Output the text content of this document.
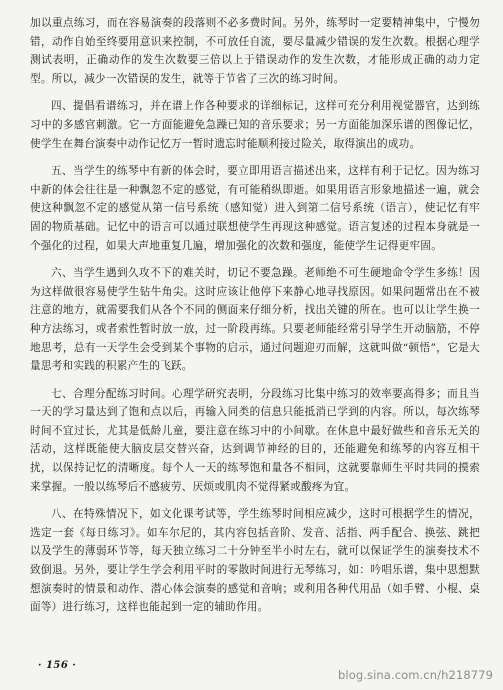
加以重点练习，而在容易演奏的段落则不必多费时间。另外，练琴时一定要精神集中，宁慢勿错，动作自始至终要用意识来控制，不可放任自流，要尽量减少错误的发生次数。根据心理学测试表明，正确动作的发生次数要三倍以上于错误动作的发生次数，才能形成正确的动力定型。所以，减少一次错误的发生，就等于节省了三次的练习时间。

四、提倡看谱练习，并在谱上作各种要求的详细标记，这样可充分利用视觉器官，达到练习中的多感官刺激。它一方面能避免急躁已知的音乐要求；另一方面能加深乐谱的图像记忆，使学生在舞台演奏中动作记忆万一暂时遗忘时能顺利接过险关，取得演出的成功。

五、当学生的练琴中有新的体会时，要立即用语言描述出来，这样有利于记忆。因为练习中新的体会往往是一种飘忽不定的感觉，有可能稍纵即逝。如果用语言形象地描述一遍，就会使这种飘忽不定的感觉从第一信号系统（感知觉）进入到第二信号系统（语言），使记忆有牢固的物质基础。记忆中的语言可以通过联想使学生再现这种感觉。语言复述的过程本身就是一个强化的过程，如果大声地重复几遍，增加强化的次数和强度，能使学生记得更牢固。

六、当学生遇到久攻不下的难关时，切记不要急躁。老师绝不可生硬地命令学生多练！因为这样做很容易使学生钻牛角尖。这时应该让他停下来静心地寻找原因。如果问题常出在不被注意的地方，就需要我们从各个不同的侧面来仔细分析，找出关键的所在。也可以让学生换一种方法练习，或者索性暂时放一放，过一阶段再练。只要老师能经常引导学生开动脑筋，不停地思考，总有一天学生会受到某个事物的启示，通过问题迎刃而解，这就叫做“顿悟”，它是大量思考和实践的积累产生的飞跃。

七、合理分配练习时间。心理学研究表明，分段练习比集中练习的效率要高得多；而且当一天的学习量达到了饱和点以后，再输入同类的信息只能抵消已学到的内容。所以，每次练琴时间不宜过长，尤其是低龄儿童，要注意在练习中的小间歇。在休息中最好做些和音乐无关的活动，这样既能使大脑皮层交替兴奋，达到调节神经的目的，还能避免和练琴的内容互相干扰，以保持记忆的清晰度。每个人一天的练琴饱和量各不相同，这就要靠师生平时共同的摸索来掌握。一般以练琴后不感疲劳、厌烦或肌肉不觉得紧或酸疼为宜。

八、在特殊情况下，如文化课考试等，学生练琴时间相应减少，这时可根据学生的情况，选定一套《每日练习》。如车尔尼的，其内容包括音阶、发音、活指、两手配合、换弦、跳把以及学生的薄弱环节等，每天独立练习二十分钟至半小时左右，就可以保证学生的演奏技术不致倒退。另外，要让学生学会利用平时的零散时间进行无琴练习，如：吟唱乐谱，集中思想默想演奏时的情景和动作、潜心体会演奏的感觉和音响；或利用各种代用品（如手臂、小棍、桌面等）进行练习，这样也能起到一定的辅助作用。

· 156 ·
blog.sina.com.cn/h218779
